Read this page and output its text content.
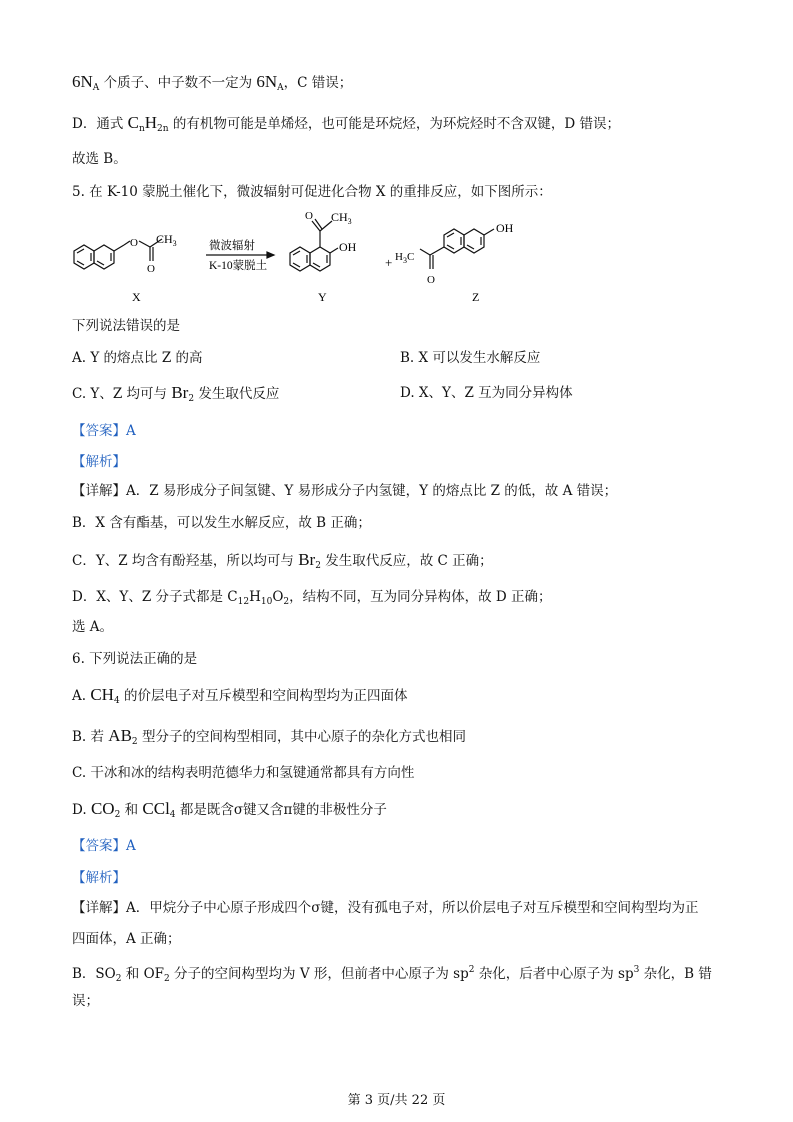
$6N_A$ 个质子、中子数不一定为 $6N_A$，C 错误；
D．通式 $C_nH_{2n}$ 的有机物可能是单烯烃，也可能是环烷烃，为环烷烃时不含双键，D 错误；
故选 B。
5. 在 K-10 蒙脱土催化下，微波辐射可促进化合物 X 的重排反应，如下图所示：
$CH_3$
O
O
微波辐射
K-10蒙脱土
O $CH_3$
OH
+ $H_3C$
O
OH
X	Y	Z
下列说法错误的是
A. Y 的熔点比 Z 的高	B. X 可以发生水解反应
C. Y、Z 均可与 $Br_2$ 发生取代反应	D. X、Y、Z 互为同分异构体
【答案】A
【解析】
【详解】A．Z 易形成分子间氢键、Y 易形成分子内氢键，Y 的熔点比 Z 的低，故 A 错误；
B．X 含有酯基，可以发生水解反应，故 B 正确；
C．Y、Z 均含有酚羟基，所以均可与 $Br_2$ 发生取代反应，故 C 正确；
D．X、Y、Z 分子式都是 $C_{12}H_{10}O_2$，结构不同，互为同分异构体，故 D 正确；
选 A。
6. 下列说法正确的是
A. $CH_4$ 的价层电子对互斥模型和空间构型均为正四面体
B. 若 $AB_2$ 型分子的空间构型相同，其中心原子的杂化方式也相同
C. 干冰和冰的结构表明范德华力和氢键通常都具有方向性
D. $CO_2$ 和 CCl$_4$ 都是既含σ键又含π键的非极性分子
【答案】A
【解析】
【详解】A．甲烷分子中心原子形成四个σ键，没有孤电子对，所以价层电子对互斥模型和空间构型均为正
四面体，A 正确；
B．$SO_2$ 和 $OF_2$ 分子的空间构型均为 V 形，但前者中心原子为 $sp^2$ 杂化，后者中心原子为 $sp^3$ 杂化，B 错
误；
第 3 页/共 22 页
